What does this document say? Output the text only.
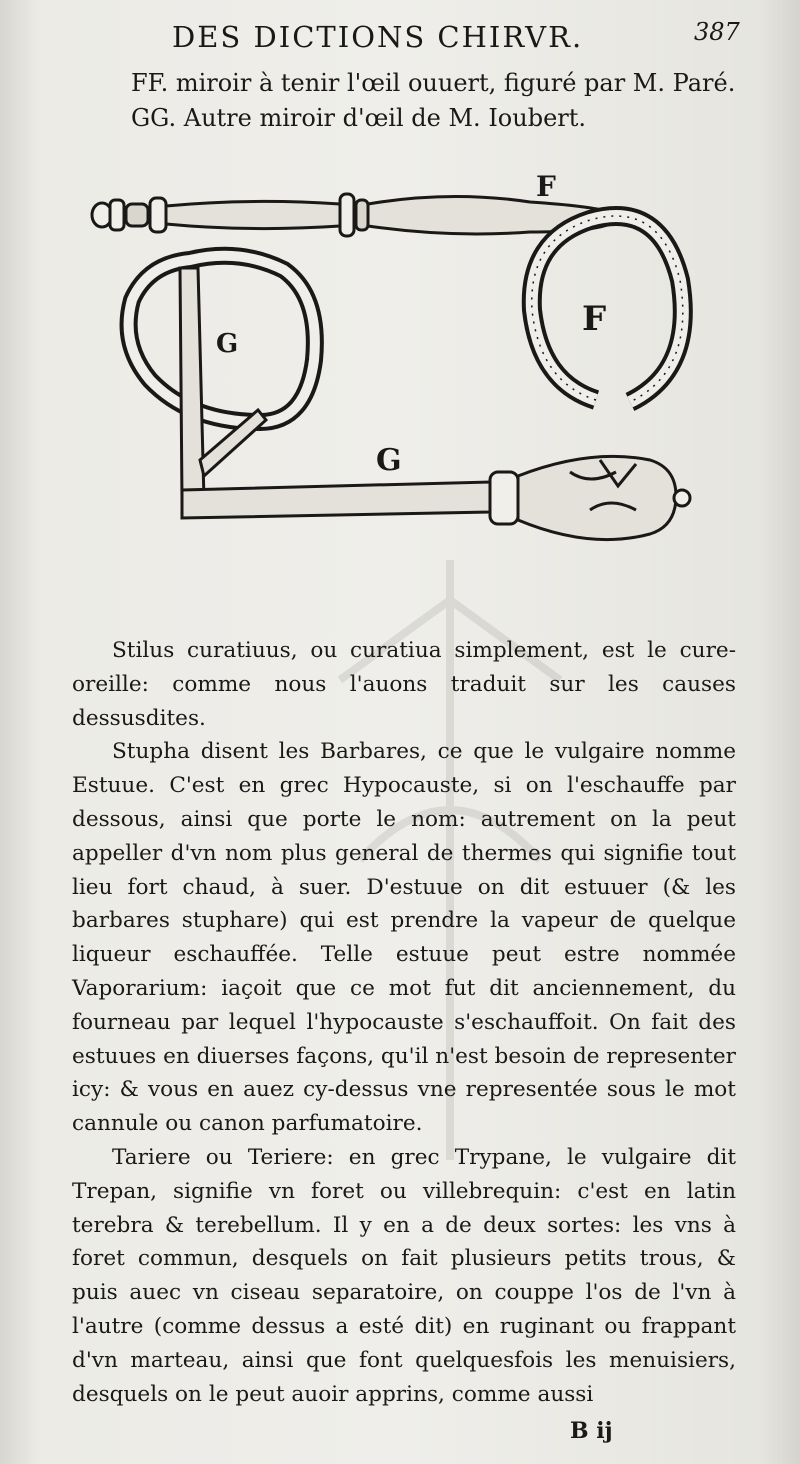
DES DICTIONS CHIRVR.	387
FF. miroir à tenir l'œil ouuert, figuré par M. Paré.
GG. Autre miroir d'œil de M. Ioubert.
F
F
G
G

Stilus curatiuus, ou curatiua simplement, est le cure-oreille: comme nous l'auons traduit sur les causes dessusdites.

Stupha disent les Barbares, ce que le vulgaire nomme Estuue. C'est en grec Hypocauste, si on l'eschauffe par dessous, ainsi que porte le nom: autrement on la peut appeller d'vn nom plus general de thermes qui signifie tout lieu fort chaud, à suer. D'estuue on dit estuuer (& les barbares stuphare) qui est prendre la vapeur de quelque liqueur eschauffée. Telle estuue peut estre nommée Vaporarium: iaçoit que ce mot fut dit anciennement, du fourneau par lequel l'hypocauste s'eschauffoit. On fait des estuues en diuerses façons, qu'il n'est besoin de representer icy: & vous en auez cy-dessus vne representée sous le mot cannule ou canon parfumatoire.

Tariere ou Teriere: en grec Trypane, le vulgaire dit Trepan, signifie vn foret ou villebrequin: c'est en latin terebra & terebellum. Il y en a de deux sortes: les vns à foret commun, desquels on fait plusieurs petits trous, & puis auec vn ciseau separatoire, on couppe l'os de l'vn à l'autre (comme dessus a esté dit) en ruginant ou frappant d'vn marteau, ainsi que font quelquesfois les menuisiers, desquels on le peut auoir apprins, comme aussi

B ij
